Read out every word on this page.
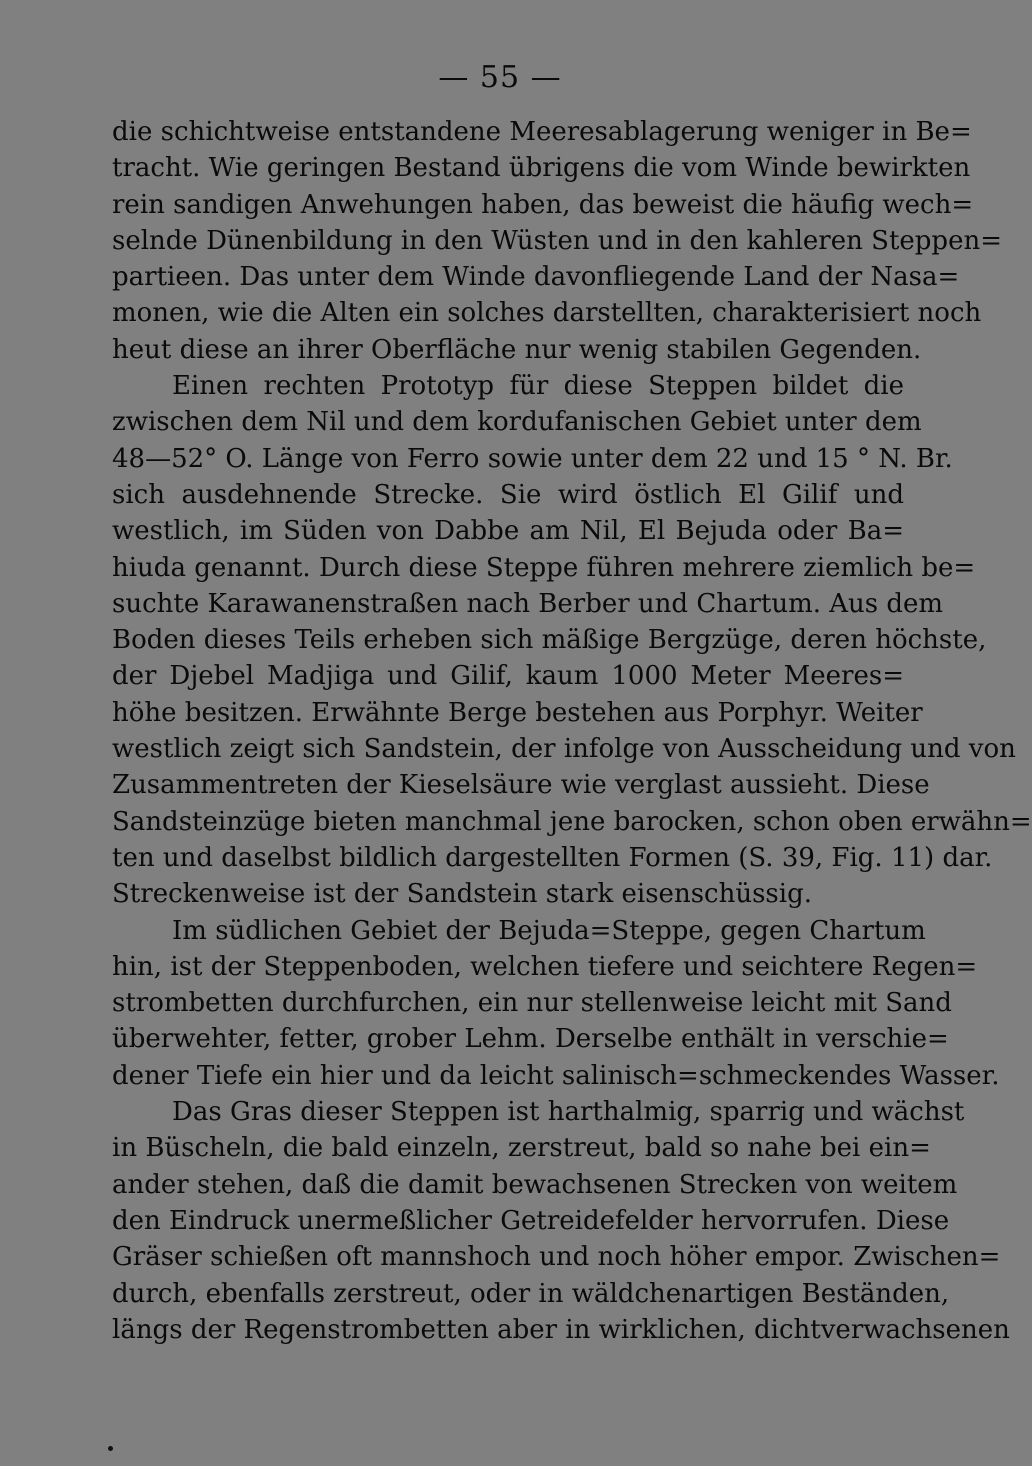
— 55 —
die schichtweise entstandene Meeresablagerung weniger in Be=
tracht. Wie geringen Bestand übrigens die vom Winde bewirkten
rein sandigen Anwehungen haben, das beweist die häufig wech=
selnde Dünenbildung in den Wüsten und in den kahleren Steppen=
partieen. Das unter dem Winde davonfliegende Land der Nasa=
monen, wie die Alten ein solches darstellten, charakterisiert noch
heut diese an ihrer Oberfläche nur wenig stabilen Gegenden.
Einen rechten Prototyp für diese Steppen bildet die
zwischen dem Nil und dem kordufanischen Gebiet unter dem
48—52° O. Länge von Ferro sowie unter dem 22 und 15 ° N. Br.
sich ausdehnende Strecke. Sie wird östlich El Gilif und
westlich, im Süden von Dabbe am Nil, El Bejuda oder Ba=
hiuda genannt. Durch diese Steppe führen mehrere ziemlich be=
suchte Karawanenstraßen nach Berber und Chartum. Aus dem
Boden dieses Teils erheben sich mäßige Bergzüge, deren höchste,
der Djebel Madjiga und Gilif, kaum 1000 Meter Meeres=
höhe besitzen. Erwähnte Berge bestehen aus Porphyr. Weiter
westlich zeigt sich Sandstein, der infolge von Ausscheidung und von
Zusammentreten der Kieselsäure wie verglast aussieht. Diese
Sandsteinzüge bieten manchmal jene barocken, schon oben erwähn=
ten und daselbst bildlich dargestellten Formen (S. 39, Fig. 11) dar.
Streckenweise ist der Sandstein stark eisenschüssig.
Im südlichen Gebiet der Bejuda=Steppe, gegen Chartum
hin, ist der Steppenboden, welchen tiefere und seichtere Regen=
strombetten durchfurchen, ein nur stellenweise leicht mit Sand
überwehter, fetter, grober Lehm. Derselbe enthält in verschie=
dener Tiefe ein hier und da leicht salinisch=schmeckendes Wasser.
Das Gras dieser Steppen ist harthalmig, sparrig und wächst
in Büscheln, die bald einzeln, zerstreut, bald so nahe bei ein=
ander stehen, daß die damit bewachsenen Strecken von weitem
den Eindruck unermeßlicher Getreidefelder hervorrufen. Diese
Gräser schießen oft mannshoch und noch höher empor. Zwischen=
durch, ebenfalls zerstreut, oder in wäldchenartigen Beständen,
längs der Regenstrombetten aber in wirklichen, dichtverwachsenen
